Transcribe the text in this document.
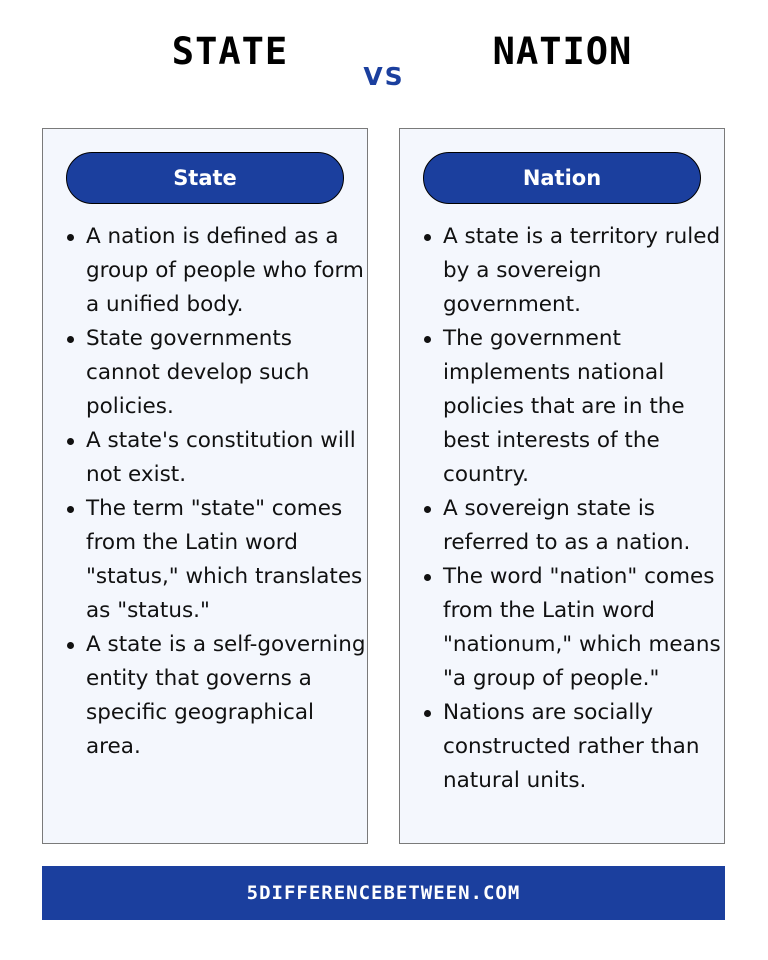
STATE
VS
NATION
State
A nation is defined as a group of people who form a unified body.
State governments cannot develop such policies.
A state's constitution will not exist.
The term "state" comes from the Latin word "status," which translates as "status."
A state is a self-governing entity that governs a specific geographical area.
Nation
A state is a territory ruled by a sovereign government.
The government implements national policies that are in the best interests of the country.
A sovereign state is referred to as a nation.
The word "nation" comes from the Latin word "nationum," which means "a group of people."
Nations are socially constructed rather than natural units.
5DIFFERENCEBETWEEN.COM
